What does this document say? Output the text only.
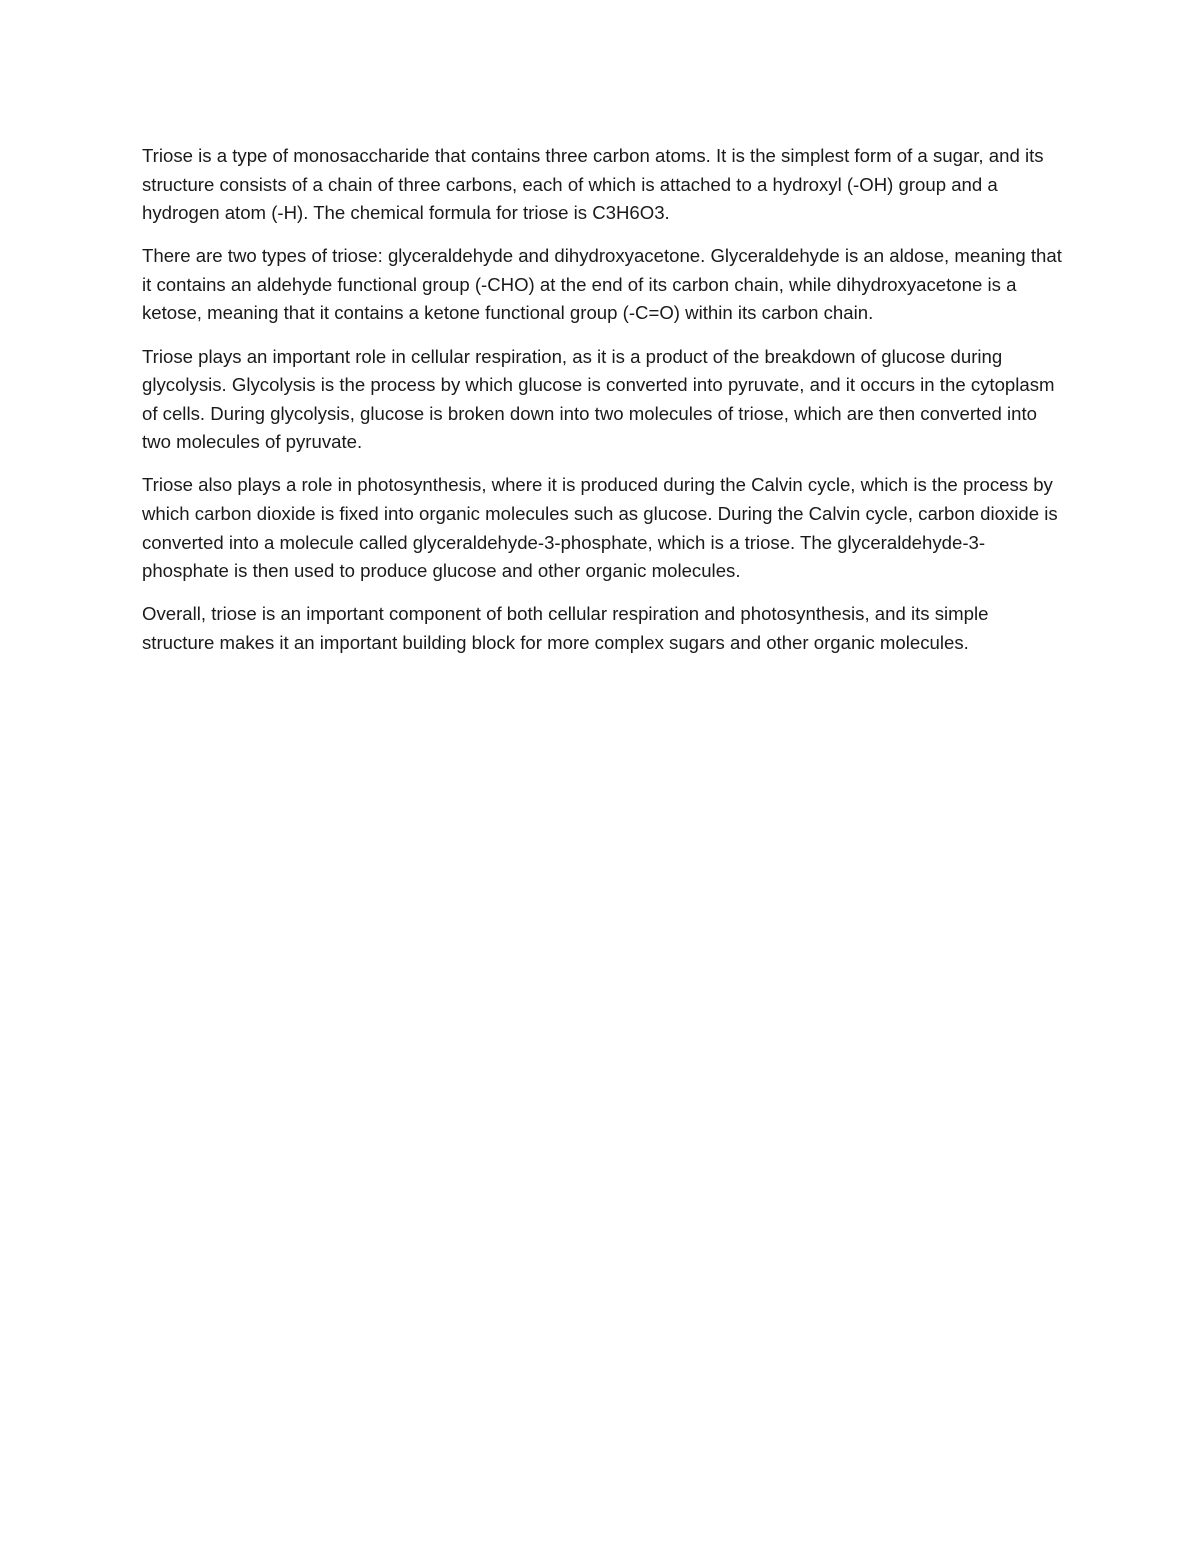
Triose is a type of monosaccharide that contains three carbon atoms. It is the simplest form of a sugar, and its structure consists of a chain of three carbons, each of which is attached to a hydroxyl (-OH) group and a hydrogen atom (-H). The chemical formula for triose is C3H6O3.

There are two types of triose: glyceraldehyde and dihydroxyacetone. Glyceraldehyde is an aldose, meaning that it contains an aldehyde functional group (-CHO) at the end of its carbon chain, while dihydroxyacetone is a ketose, meaning that it contains a ketone functional group (-C=O) within its carbon chain.

Triose plays an important role in cellular respiration, as it is a product of the breakdown of glucose during glycolysis. Glycolysis is the process by which glucose is converted into pyruvate, and it occurs in the cytoplasm of cells. During glycolysis, glucose is broken down into two molecules of triose, which are then converted into two molecules of pyruvate.

Triose also plays a role in photosynthesis, where it is produced during the Calvin cycle, which is the process by which carbon dioxide is fixed into organic molecules such as glucose. During the Calvin cycle, carbon dioxide is converted into a molecule called glyceraldehyde-3-phosphate, which is a triose. The glyceraldehyde-3-phosphate is then used to produce glucose and other organic molecules.

Overall, triose is an important component of both cellular respiration and photosynthesis, and its simple structure makes it an important building block for more complex sugars and other organic molecules.
